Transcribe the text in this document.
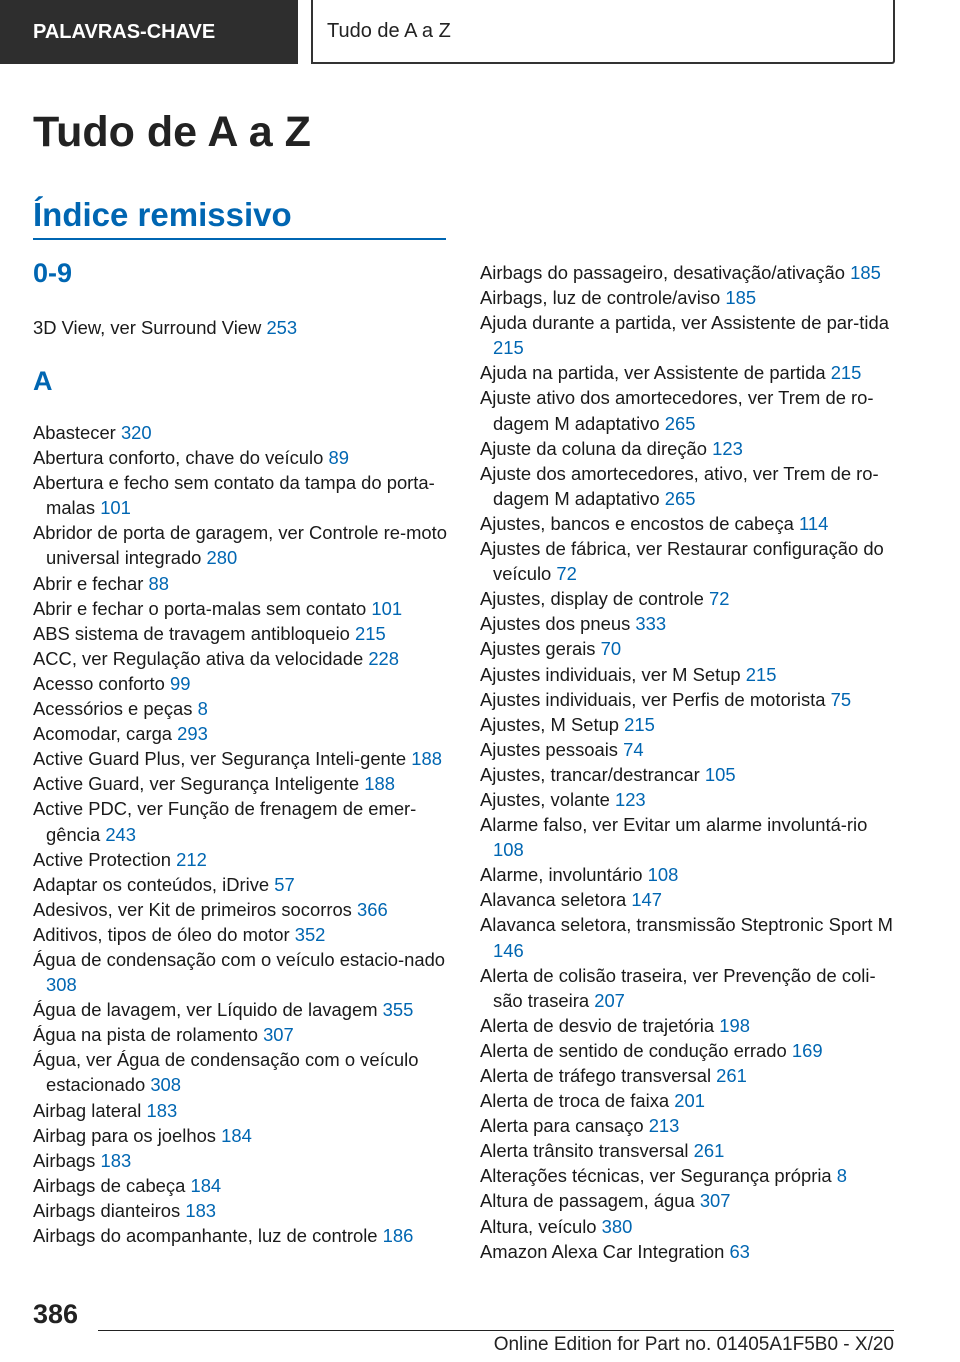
PALAVRAS-CHAVE	Tudo de A a Z
Tudo de A a Z
Índice remissivo
0-9
3D View, ver Surround View 253
A
Abastecer 320
Abertura conforto, chave do veículo 89
Abertura e fecho sem contato da tampa do porta-malas 101
Abridor de porta de garagem, ver Controle re-moto universal integrado 280
Abrir e fechar 88
Abrir e fechar o porta-malas sem contato 101
ABS sistema de travagem antibloqueio 215
ACC, ver Regulação ativa da velocidade 228
Acesso conforto 99
Acessórios e peças 8
Acomodar, carga 293
Active Guard Plus, ver Segurança Inteli-gente 188
Active Guard, ver Segurança Inteligente 188
Active PDC, ver Função de frenagem de emer-gência 243
Active Protection 212
Adaptar os conteúdos, iDrive 57
Adesivos, ver Kit de primeiros socorros 366
Aditivos, tipos de óleo do motor 352
Água de condensação com o veículo estacio-nado 308
Água de lavagem, ver Líquido de lavagem 355
Água na pista de rolamento 307
Água, ver Água de condensação com o veículo estacionado 308
Airbag lateral 183
Airbag para os joelhos 184
Airbags 183
Airbags de cabeça 184
Airbags dianteiros 183
Airbags do acompanhante, luz de controle 186
Airbags do passageiro, desativação/ativação 185
Airbags, luz de controle/aviso 185
Ajuda durante a partida, ver Assistente de par-tida 215
Ajuda na partida, ver Assistente de partida 215
Ajuste ativo dos amortecedores, ver Trem de ro-dagem M adaptativo 265
Ajuste da coluna da direção 123
Ajuste dos amortecedores, ativo, ver Trem de ro-dagem M adaptativo 265
Ajustes, bancos e encostos de cabeça 114
Ajustes de fábrica, ver Restaurar configuração do veículo 72
Ajustes, display de controle 72
Ajustes dos pneus 333
Ajustes gerais 70
Ajustes individuais, ver M Setup 215
Ajustes individuais, ver Perfis de motorista 75
Ajustes, M Setup 215
Ajustes pessoais 74
Ajustes, trancar/destrancar 105
Ajustes, volante 123
Alarme falso, ver Evitar um alarme involuntá-rio 108
Alarme, involuntário 108
Alavanca seletora 147
Alavanca seletora, transmissão Steptronic Sport M 146
Alerta de colisão traseira, ver Prevenção de coli-são traseira 207
Alerta de desvio de trajetória 198
Alerta de sentido de condução errado 169
Alerta de tráfego transversal 261
Alerta de troca de faixa 201
Alerta para cansaço 213
Alerta trânsito transversal 261
Alterações técnicas, ver Segurança própria 8
Altura de passagem, água 307
Altura, veículo 380
Amazon Alexa Car Integration 63
386
Online Edition for Part no. 01405A1F5B0 - X/20
